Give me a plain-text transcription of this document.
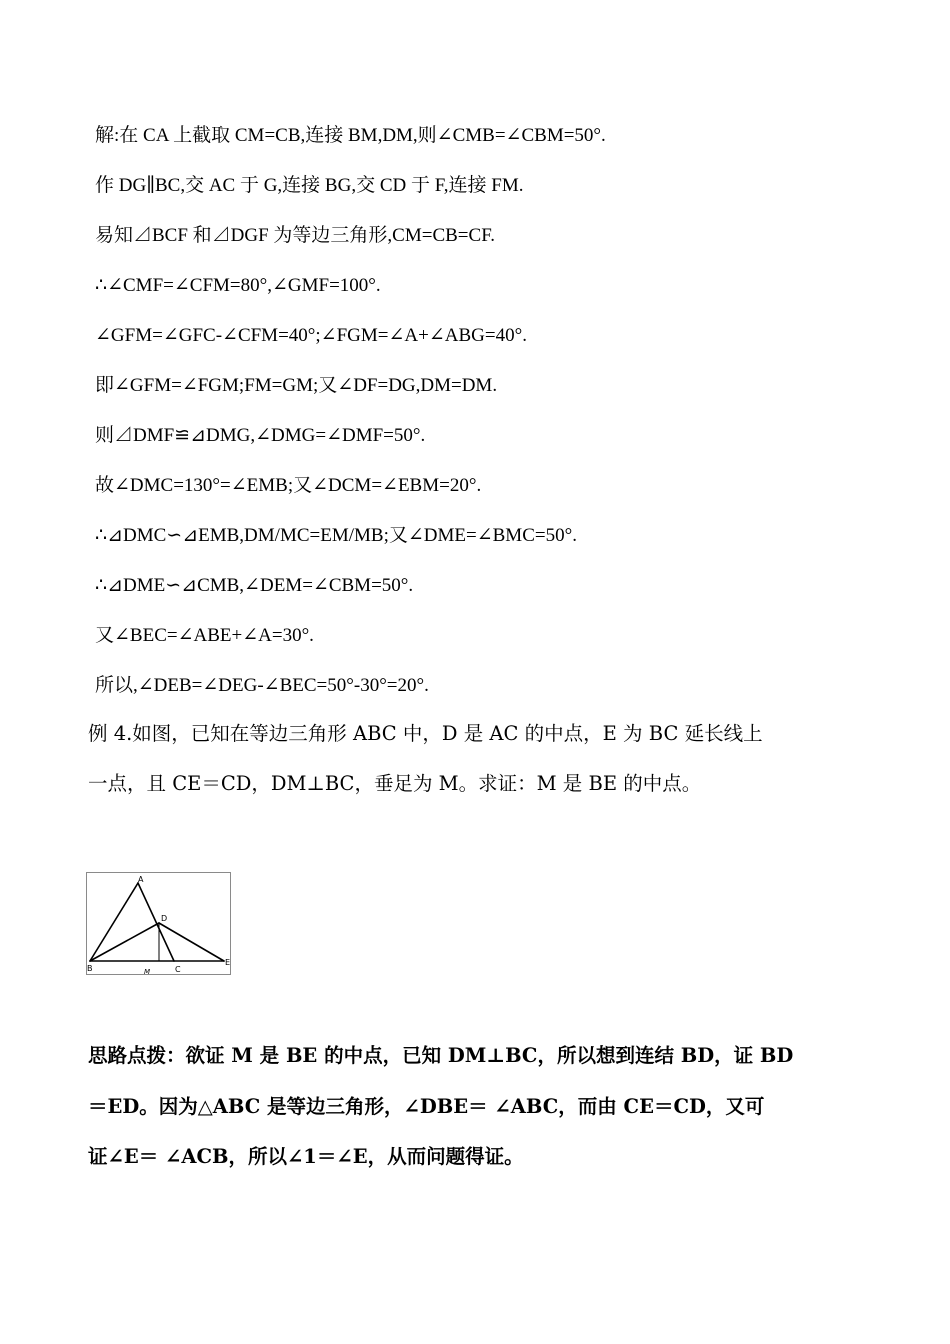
解:在 CA 上截取 CM=CB,连接 BM,DM,则∠CMB=∠CBM=50°.
作 DG∥BC,交 AC 于 G,连接 BG,交 CD 于 F,连接 FM.
易知⊿BCF 和⊿DGF 为等边三角形,CM=CB=CF.
∴∠CMF=∠CFM=80°,∠GMF=100°.
∠GFM=∠GFC-∠CFM=40°;∠FGM=∠A+∠ABG=40°.
即∠GFM=∠FGM;FM=GM;又∠DF=DG,DM=DM.
则⊿DMF≌⊿DMG,∠DMG=∠DMF=50°.
故∠DMC=130°=∠EMB;又∠DCM=∠EBM=20°.
∴⊿DMC∽⊿EMB,DM/MC=EM/MB;又∠DME=∠BMC=50°.
∴⊿DME∽⊿CMB,∠DEM=∠CBM=50°.
又∠BEC=∠ABE+∠A=30°.
所以,∠DEB=∠DEG-∠BEC=50°-30°=20°.
例 4.如图，已知在等边三角形 ABC 中，D 是 AC 的中点，E 为 BC 延长线上
一点，且 CE＝CD，DM⊥BC，垂足为 M。求证：M 是 BE 的中点。
A
B	C
D
E
M
思路点拨：欲证 M 是 BE 的中点，已知 DM⊥BC，所以想到连结 BD，证 BD
＝ED。因为△ABC 是等边三角形，∠DBE＝ ∠ABC，而由 CE＝CD，又可
证∠E＝ ∠ACB，所以∠1＝∠E，从而问题得证。
